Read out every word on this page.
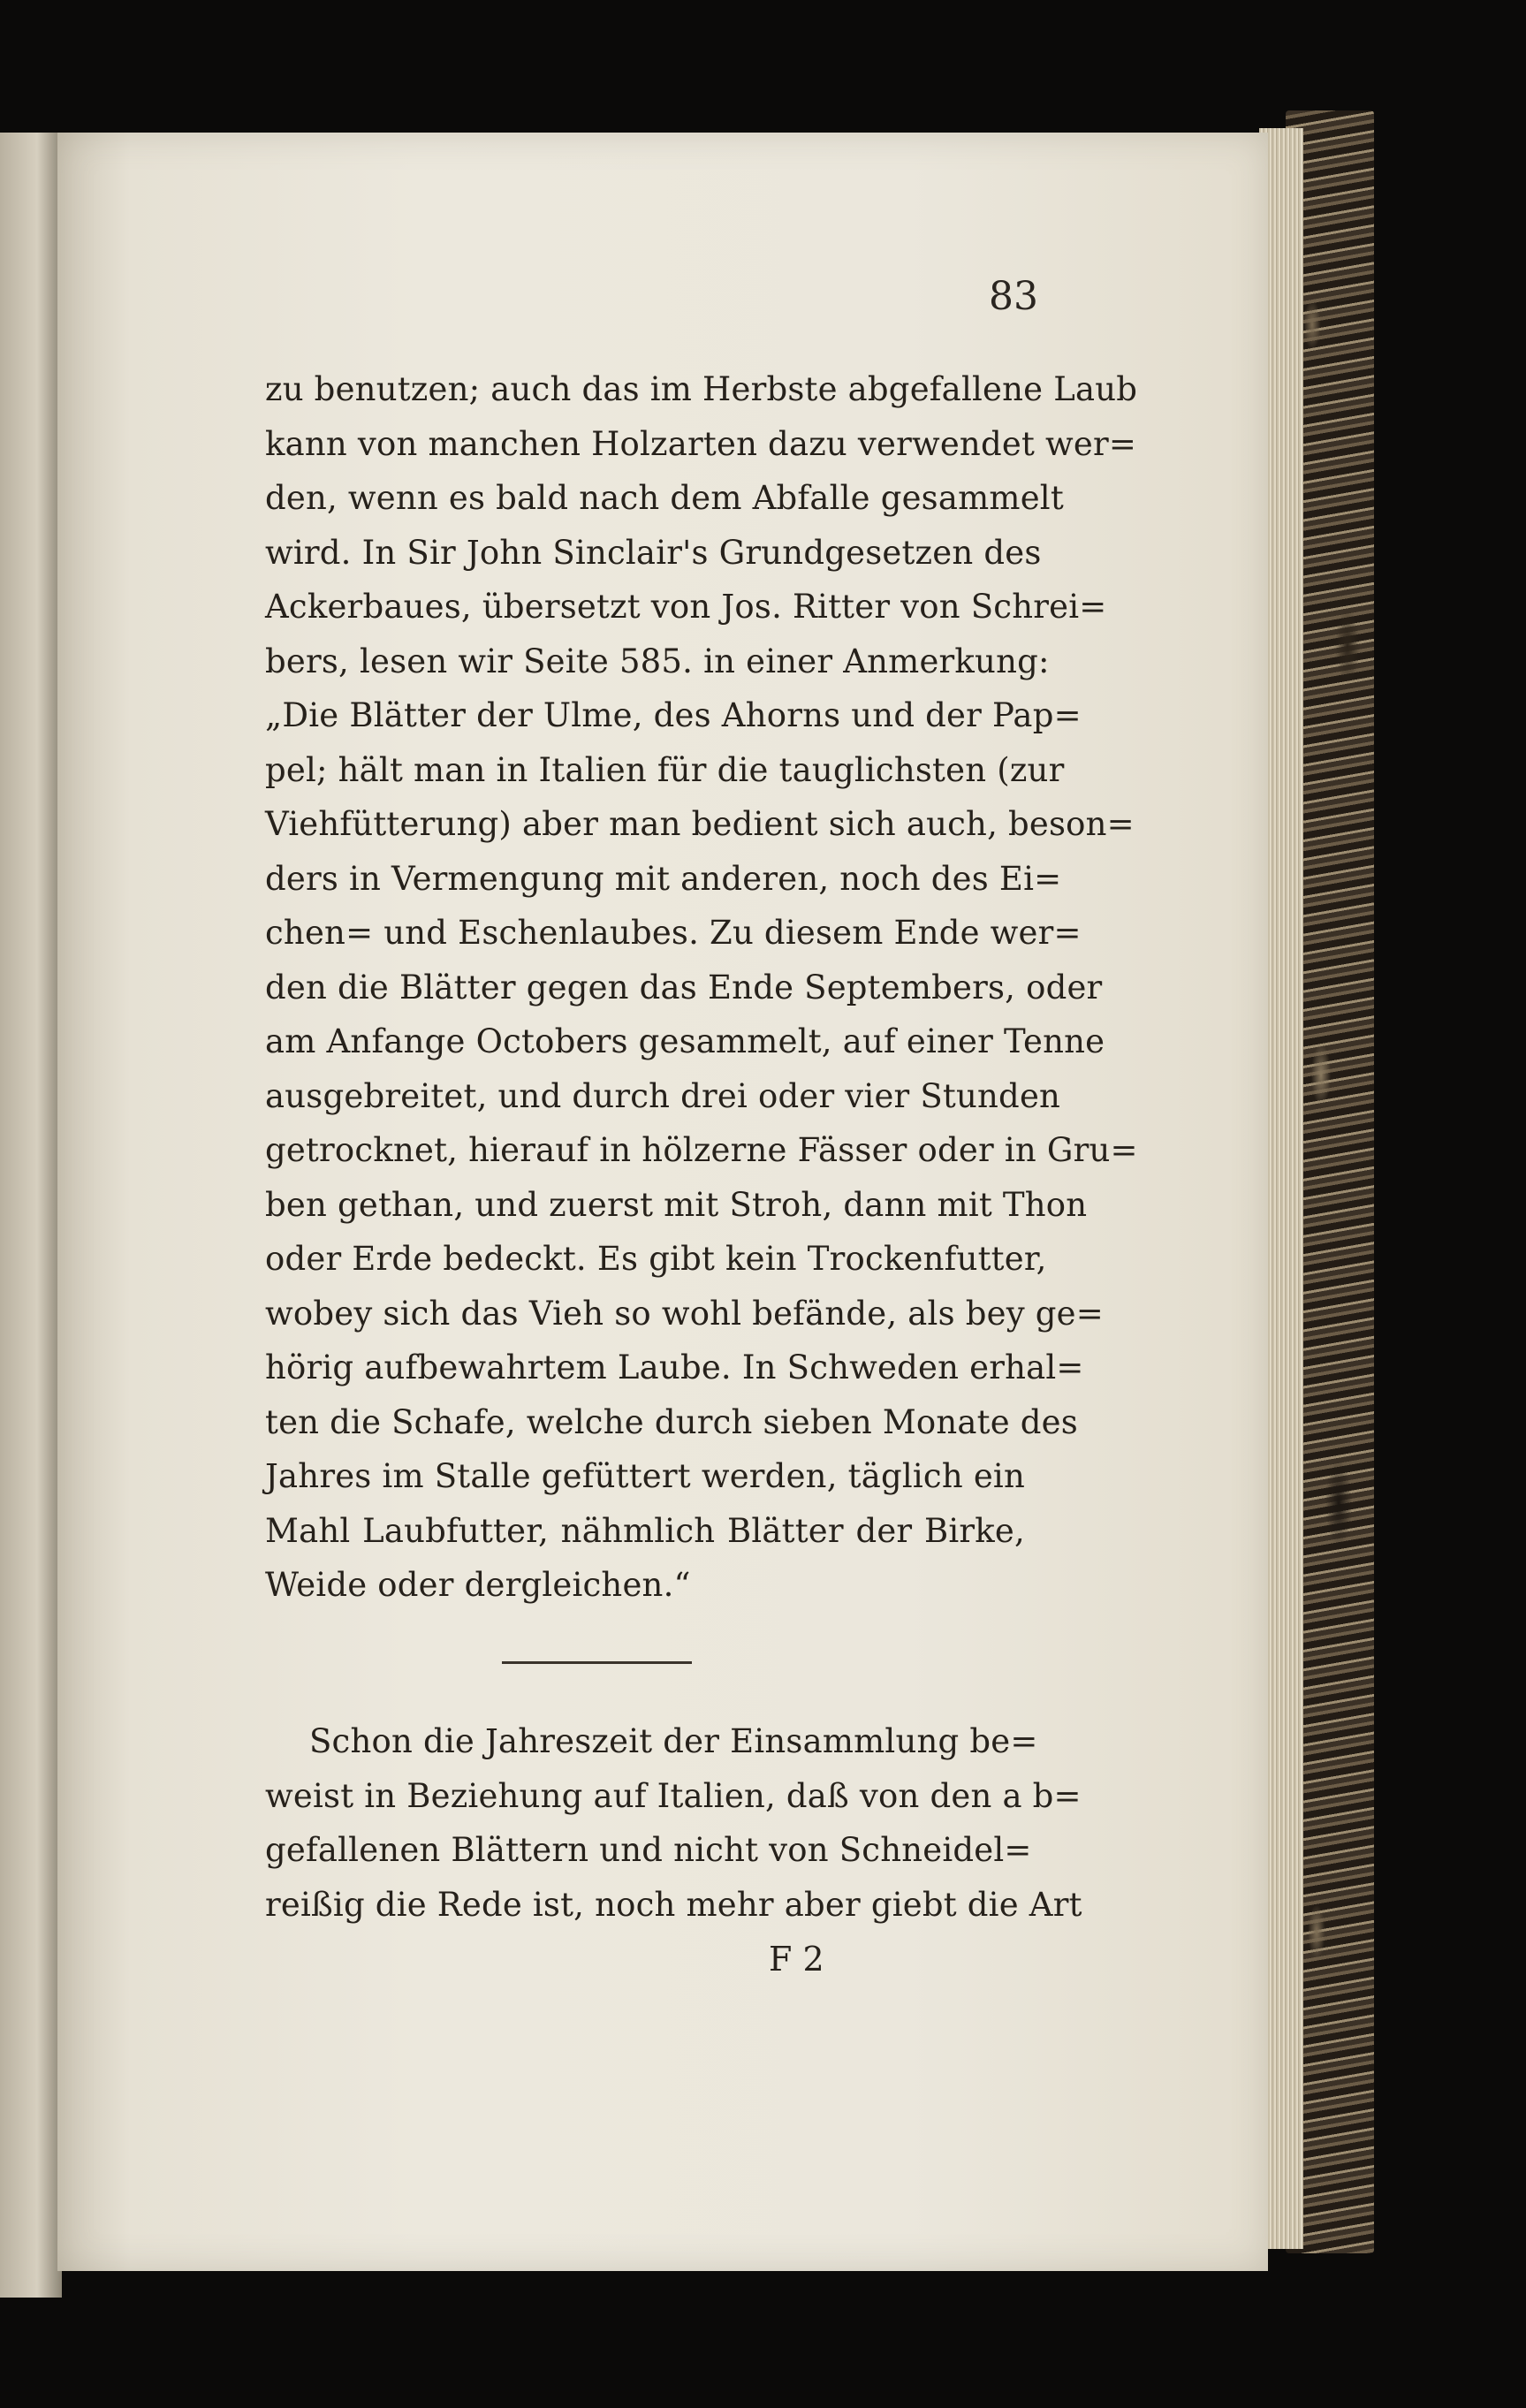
83

zu benutzen; auch das im Herbste abgefallene Laub
kann von manchen Holzarten dazu verwendet wer=
den, wenn es bald nach dem Abfalle gesammelt
wird. In Sir John Sinclair's Grundgesetzen des
Ackerbaues, übersetzt von Jos. Ritter von Schrei=
bers, lesen wir Seite 585. in einer Anmerkung:
„Die Blätter der Ulme, des Ahorns und der Pap=
pel; hält man in Italien für die tauglichsten (zur
Viehfütterung) aber man bedient sich auch, beson=
ders in Vermengung mit anderen, noch des Ei=
chen= und Eschenlaubes. Zu diesem Ende wer=
den die Blätter gegen das Ende Septembers, oder
am Anfange Octobers gesammelt, auf einer Tenne
ausgebreitet, und durch drei oder vier Stunden
getrocknet, hierauf in hölzerne Fässer oder in Gru=
ben gethan, und zuerst mit Stroh, dann mit Thon
oder Erde bedeckt. Es gibt kein Trockenfutter,
wobey sich das Vieh so wohl befände, als bey ge=
hörig aufbewahrtem Laube. In Schweden erhal=
ten die Schafe, welche durch sieben Monate des
Jahres im Stalle gefüttert werden, täglich ein
Mahl Laubfutter, nähmlich Blätter der Birke,
Weide oder dergleichen.“
Schon die Jahreszeit der Einsammlung be=
weist in Beziehung auf Italien, daß von den a b=
gefallenen Blättern und nicht von Schneidel=
reißig die Rede ist, noch mehr aber giebt die Art

F 2
